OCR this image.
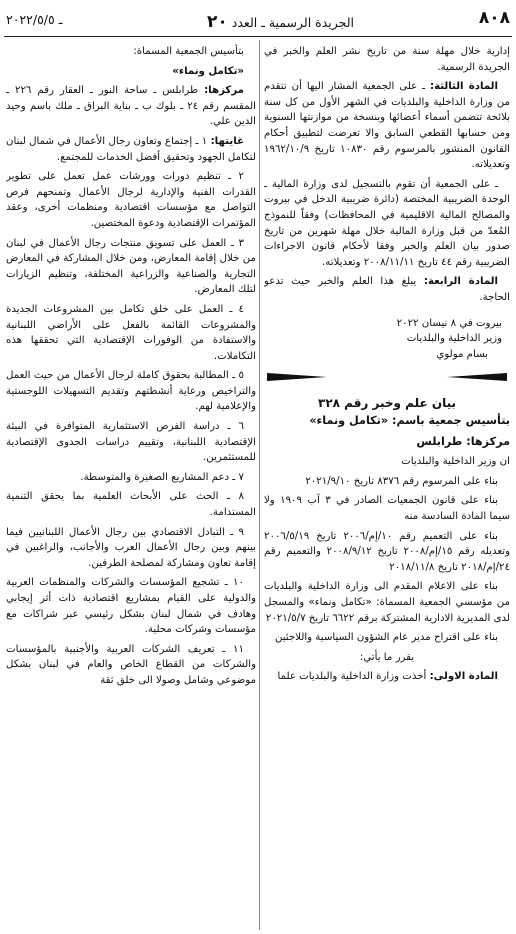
٨٠٨
الجريدة الرسمية ـ العدد ٢٠
ـ ٢٠٢٢/٥/٥

إدارية خلال مهلة سنة من تاريخ نشر العلم والخبر في الجريدة الرسمية.

المادة الثالثة: ـ على الجمعية المشار اليها أن تتقدم من وزارة الداخلية والبلديات في الشهر الأول من كل سنة بلائحة تتضمن أسماء أعضائها وبنسخة من موازنتها السنوية ومن حسابها القطعي السابق والا تعرضت لتطبيق أحكام القانون المنشور بالمرسوم رقم ١٠٨٣٠ تاريخ ١٩٦٢/١٠/٩ وتعديلاته.

ـ على الجمعية أن تقوم بالتسجيل لدى وزارة المالية ـ الوحدة الضريبية المختصة (دائرة ضريبية الدخل في بيروت والمصالح المالية الاقليمية في المحافظات) وفقاً للنموذج المُعدّ من قبل وزارة المالية خلال مهلة شهرين من تاريخ صدور بيان العلم والخبر وفقا لأحكام قانون الاجراءات الضريبية رقم ٤٤ تاريخ ٢٠٠٨/١١/١١ وتعديلاته.

المادة الرابعة: يبلغ هذا العلم والخبر حيث تدعو الحاجة.

بيروت في ٨ نيسان ٢٠٢٢

وزير الداخلية والبلديات

بسام مولوي

بيان علم وخبر رقم ٣٢٨

بتأسيس جمعية باسم: «تكامل ونماء»

مركزها: طرابلس

ان وزير الداخلية والبلديات

بناء على المرسوم رقم ٨٣٧٦ تاريخ ٢٠٢١/٩/١٠

بناء على قانون الجمعيات الصادر في ٣ آب ١٩٠٩ ولا سيما المادة السادسة منه

بناء على التعميم رقم ١٠/إم/٢٠٠٦ تاريخ ٢٠٠٦/٥/١٩ وتعديله رقم ١٥/إم/٢٠٠٨ تاريخ ٢٠٠٨/٩/١٢ والتعميم رقم ٢٤/إم/٢٠١٨ تاريخ ٢٠١٨/١١/٨

بناء على الاعلام المقدم الى وزارة الداخلية والبلديات من مؤسسي الجمعية المسماة: «تكامل ونماء» والمسجل لدى المديرية الادارية المشتركة برقم ٦٦٢٢ تاريخ ٢٠٢١/٥/٧

بناء على اقتراح مدير عام الشؤون السياسية واللاجئين

يقرر ما يأتي:

المادة الاولى: أخذت وزارة الداخلية والبلديات علما

بتأسيس الجمعية المسماة:

«تكامل ونماء»

مركزها: طرابلس ـ ساحة النور ـ العقار رقم ٢٢٦ ـ المقسم رقم ٢٤ ـ بلوك ب ـ بناية البراق ـ ملك باسم وحيد الدين علي.

غايتها: ١ ـ إجتماع وتعاون رجال الأعمال في شمال لبنان لتكامل الجهود وتحقيق أفضل الخدمات للمجتمع.

٢ ـ تنظيم دورات وورشات عمل تعمل على تطوير القدرات الفنية والإدارية لرجال الأعمال وتمنحهم فرص التواصل مع مؤسسات اقتصادية ومنظمات أخرى، وعقد المؤتمرات الإقتصادية ودعوة المختصين.

٣ ـ العمل على تسويق منتجات رجال الأعمال في لبنان من خلال إقامة المعارض، ومن خلال المشاركة في المعارض التجارية والصناعية والزراعية المختلفة، وتنظيم الزيارات لتلك المعارض.

٤ ـ العمل على خلق تكامل بين المشروعات الجديدة والمشروعات القائمة بالفعل على الأراضي اللبنانية والاستفادة من الوفورات الإقتصادية التي تحققها هذه التكاملات.

٥ ـ المطالبة بحقوق كاملة لرجال الأعمال من حيث العمل والتراخيص ورعاية أنشطتهم وتقديم التسهيلات اللوجستية والإعلامية لهم.

٦ ـ دراسة الفرص الاستثمارية المتوافرة في البيئة الإقتصادية اللبنانية، وتقييم دراسات الجدوى الإقتصادية للمستثمرين.

٧ ـ دعم المشاريع الصغيرة والمتوسطة.

٨ ـ الحث على الأبحاث العلمية بما يحقق التنمية المستدامة.

٩ ـ التبادل الاقتصادي بين رجال الأعمال اللبنانيين فيما بينهم وبين رجال الأعمال العرب والأجانب، والراغبين في إقامة تعاون ومشاركة لمصلحة الطرفين.

١٠ ـ تشجيع المؤسسات والشركات والمنظمات العربية والدولية على القيام بمشاريع اقتصادية ذات أثر إيجابي وهادف في شمال لبنان بشكل رئيسي عبر شراكات مع مؤسسات وشركات محلية.

١١ ـ تعريف الشركات العربية والأجنبية بالمؤسسات والشركات من القطاع الخاص والعام في لبنان بشكل موضوعي وشامل وصولا الى خلق ثقة
